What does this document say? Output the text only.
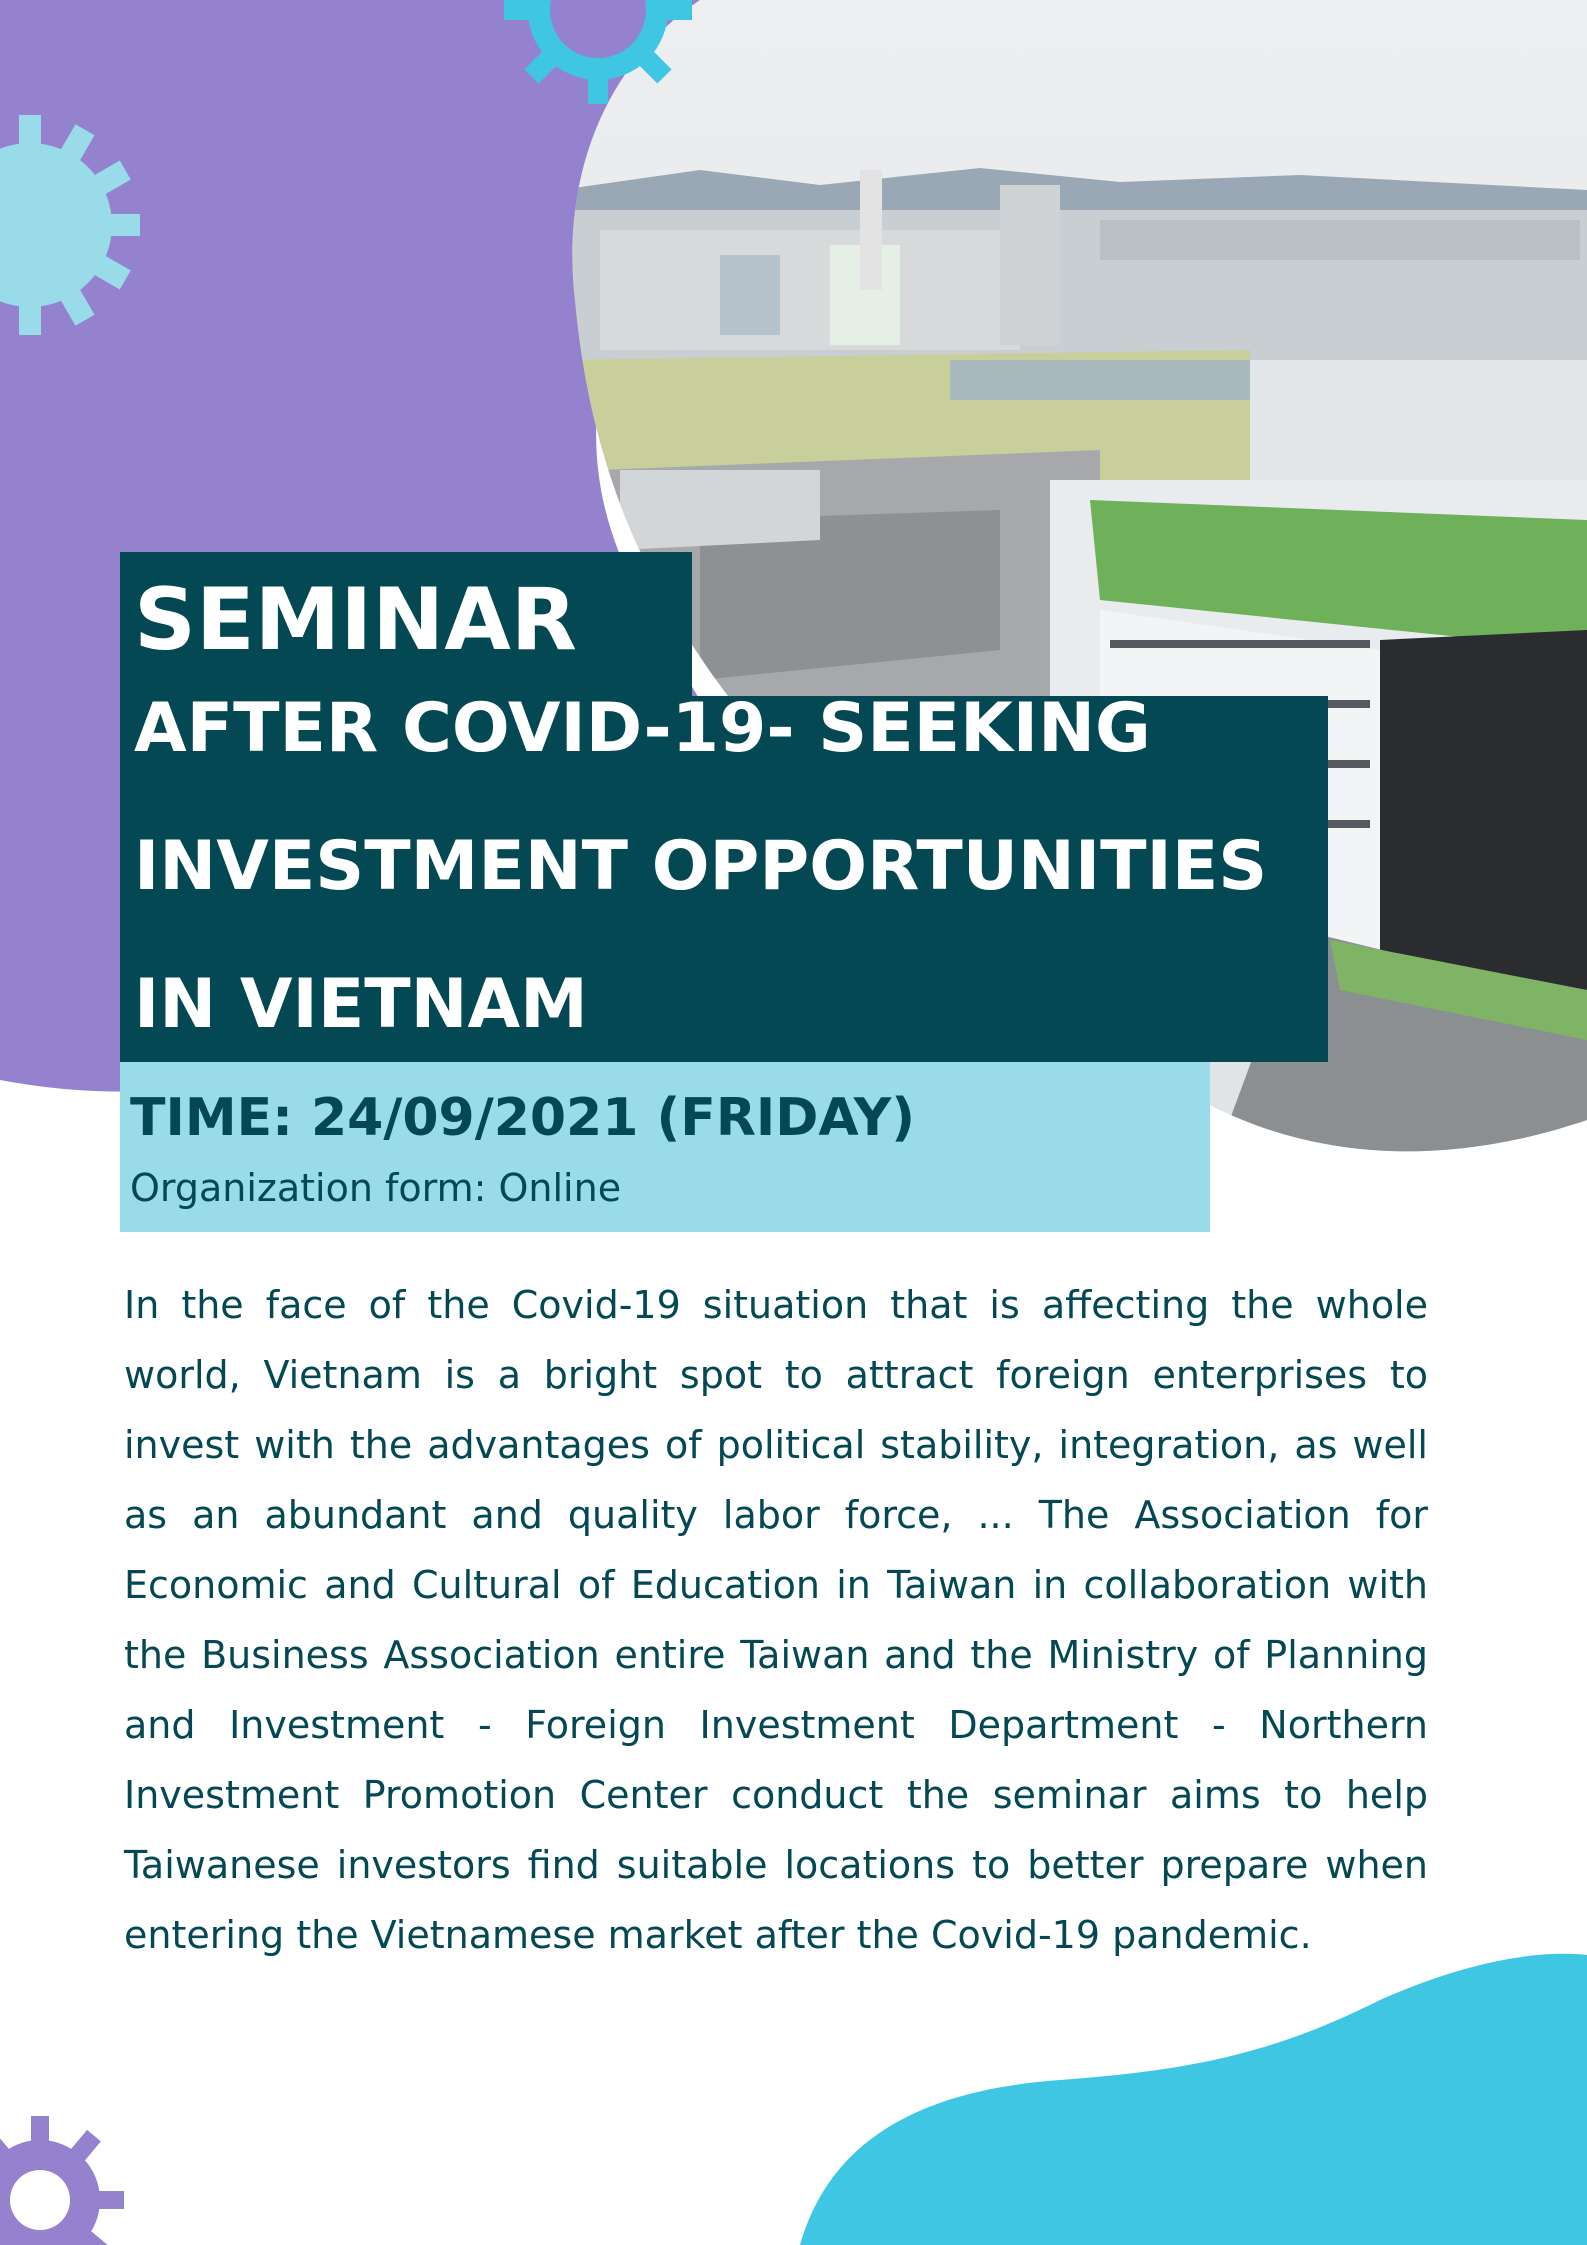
SEMINAR
AFTER COVID-19- SEEKING
INVESTMENT OPPORTUNITIES
IN VIETNAM
TIME: 24/09/2021 (FRIDAY)
Organization form: Online
In the face of the Covid-19 situation that is affecting the whole world, Vietnam is a bright spot to attract foreign enterprises to invest with the advantages of political stability, integration, as well as an abundant and quality labor force, ... The Association for Economic and Cultural of Education in Taiwan in collaboration with the Business Association entire Taiwan and the Ministry of Planning and Investment - Foreign Investment Department - Northern Investment Promotion Center conduct the seminar aims to help Taiwanese investors find suitable locations to better prepare when entering the Vietnamese market after the Covid-19 pandemic.
